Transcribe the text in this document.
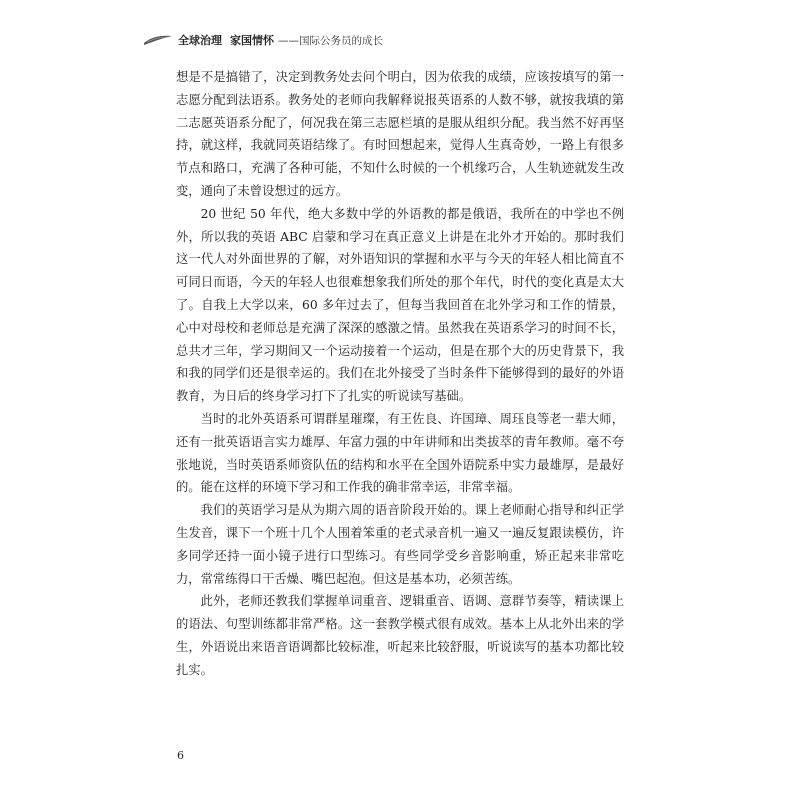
全球治理 家国情怀 ——国际公务员的成长

想是不是搞错了，决定到教务处去问个明白，因为依我的成绩，应该按填写的第一志愿分配到法语系。教务处的老师向我解释说报英语系的人数不够，就按我填的第二志愿英语系分配了，何况我在第三志愿栏填的是服从组织分配。我当然不好再坚持，就这样，我就同英语结缘了。有时回想起来，觉得人生真奇妙，一路上有很多节点和路口，充满了各种可能，不知什么时候的一个机缘巧合，人生轨迹就发生改变，通向了未曾设想过的远方。

20 世纪 50 年代，绝大多数中学的外语教的都是俄语，我所在的中学也不例外，所以我的英语 ABC 启蒙和学习在真正意义上讲是在北外才开始的。那时我们这一代人对外面世界的了解，对外语知识的掌握和水平与今天的年轻人相比简直不可同日而语，今天的年轻人也很难想象我们所处的那个年代，时代的变化真是太大了。自我上大学以来，60 多年过去了，但每当我回首在北外学习和工作的情景，心中对母校和老师总是充满了深深的感激之情。虽然我在英语系学习的时间不长，总共才三年，学习期间又一个运动接着一个运动，但是在那个大的历史背景下，我和我的同学们还是很幸运的。我们在北外接受了当时条件下能够得到的最好的外语教育，为日后的终身学习打下了扎实的听说读写基础。

当时的北外英语系可谓群星璀璨，有王佐良、许国璋、周珏良等老一辈大师，还有一批英语语言实力雄厚、年富力强的中年讲师和出类拔萃的青年教师。毫不夸张地说，当时英语系师资队伍的结构和水平在全国外语院系中实力最雄厚，是最好的。能在这样的环境下学习和工作我的确非常幸运，非常幸福。

我们的英语学习是从为期六周的语音阶段开始的。课上老师耐心指导和纠正学生发音，课下一个班十几个人围着笨重的老式录音机一遍又一遍反复跟读模仿，许多同学还持一面小镜子进行口型练习。有些同学受乡音影响重，矫正起来非常吃力，常常练得口干舌燥、嘴巴起泡。但这是基本功，必须苦练。

此外，老师还教我们掌握单词重音、逻辑重音、语调、意群节奏等，精读课上的语法、句型训练都非常严格。这一套教学模式很有成效。基本上从北外出来的学生，外语说出来语音语调都比较标准，听起来比较舒服，听说读写的基本功都比较扎实。

6
